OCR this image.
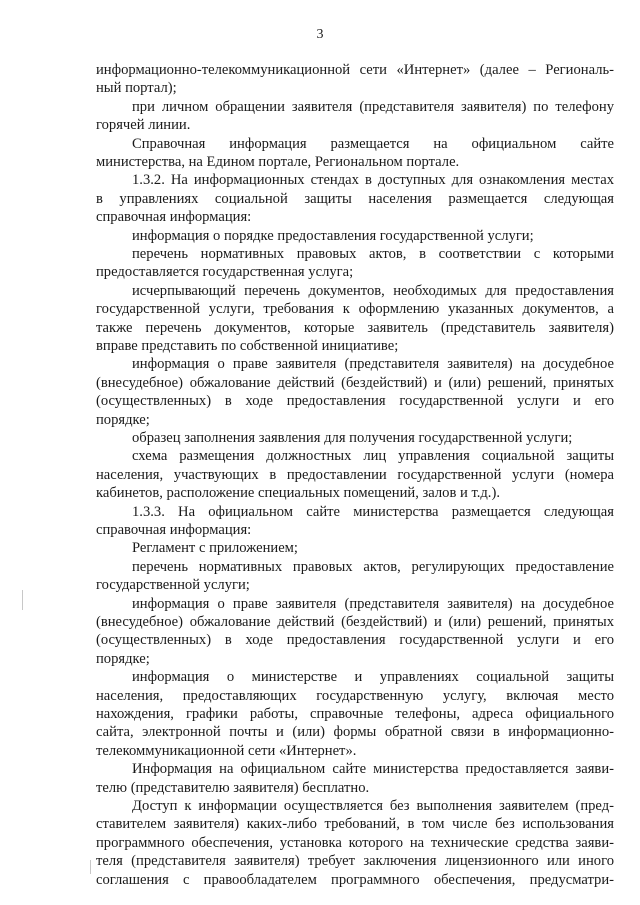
3
информационно-телекоммуникационной сети «Интернет» (далее – Региональ-
ный портал);
при личном обращении заявителя (представителя заявителя) по телефону
горячей линии.
Справочная информация размещается на официальном сайте
министерства, на Едином портале, Региональном портале.
1.3.2. На информационных стендах в доступных для ознакомления местах
в управлениях социальной защиты населения размещается следующая
справочная информация:
информация о порядке предоставления государственной услуги;
перечень нормативных правовых актов, в соответствии с которыми
предоставляется государственная услуга;
исчерпывающий перечень документов, необходимых для предоставления
государственной услуги, требования к оформлению указанных документов, а
также перечень документов, которые заявитель (представитель заявителя)
вправе представить по собственной инициативе;
информация о праве заявителя (представителя заявителя) на досудебное
(внесудебное) обжалование действий (бездействий) и (или) решений, принятых
(осуществленных) в ходе предоставления государственной услуги и его
порядке;
образец заполнения заявления для получения государственной услуги;
схема размещения должностных лиц управления социальной защиты
населения, участвующих в предоставлении государственной услуги (номера
кабинетов, расположение специальных помещений, залов и т.д.).
1.3.3. На официальном сайте министерства размещается следующая
справочная информация:
Регламент с приложением;
перечень нормативных правовых актов, регулирующих предоставление
государственной услуги;
информация о праве заявителя (представителя заявителя) на досудебное
(внесудебное) обжалование действий (бездействий) и (или) решений, принятых
(осуществленных) в ходе предоставления государственной услуги и его
порядке;
информация о министерстве и управлениях социальной защиты
населения, предоставляющих государственную услугу, включая место
нахождения, графики работы, справочные телефоны, адреса официального
сайта, электронной почты и (или) формы обратной связи в информационно-
телекоммуникационной сети «Интернет».
Информация на официальном сайте министерства предоставляется заяви-
телю (представителю заявителя) бесплатно.
Доступ к информации осуществляется без выполнения заявителем (пред-
ставителем заявителя) каких-либо требований, в том числе без использования
программного обеспечения, установка которого на технические средства заяви-
теля (представителя заявителя) требует заключения лицензионного или иного
соглашения с правообладателем программного обеспечения, предусматри-
